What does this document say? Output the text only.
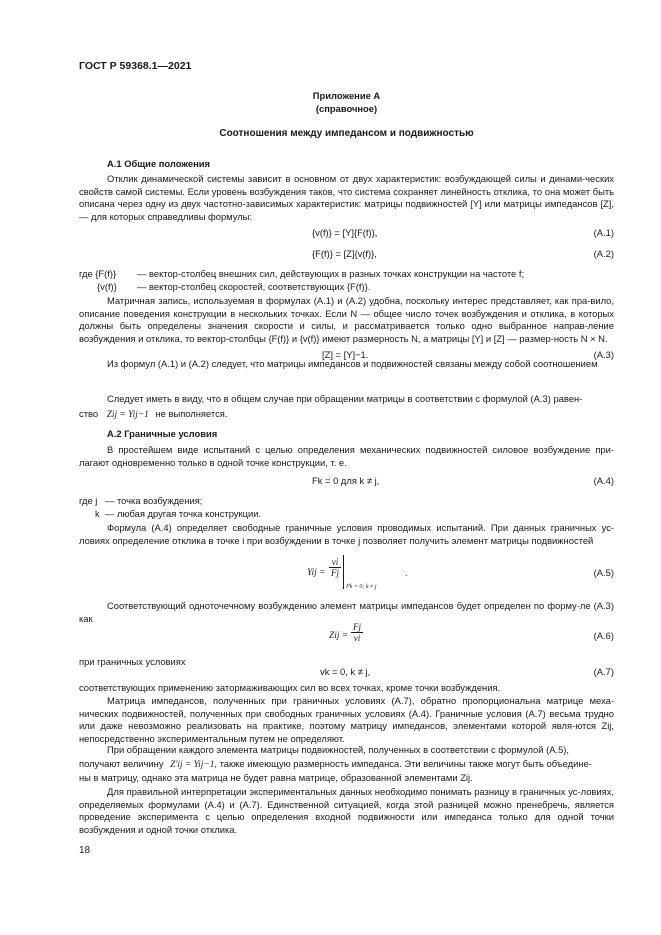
ГОСТ Р 59368.1—2021
Приложение А
(справочное)
Соотношения между импедансом и подвижностью
А.1 Общие положения
Отклик динамической системы зависит в основном от двух характеристик: возбуждающей силы и динами-ческих свойств самой системы. Если уровень возбуждения таков, что система сохраняет линейность отклика, то она может быть описана через одну из двух частотно-зависимых характеристик: матрицы подвижностей [Y] или матрицы импедансов [Z], — для которых справедливы формулы:
{v(f)} = [Y]{F(f)},	(А.1)
{F(f)} = [Z]{v(f)},	(А.2)
где {F(f)} — вектор-столбец внешних сил, действующих в разных точках конструкции на частоте f;
{v(f)} — вектор-столбец скоростей, соответствующих {F(f)}.
Матричная запись, используемая в формулах (А.1) и (А.2) удобна, поскольку интерес представляет, как пра-вило, описание поведения конструкции в нескольких точках. Если N — общее число точек возбуждения и отклика, в которых должны быть определены значения скорости и силы, и рассматривается только одно выбранное направ-ление возбуждения и отклика, то вектор-столбцы {F(f)} и {v(f)} имеют размерность N, а матрицы [Y] и [Z] — размер-ность N × N.
Из формул (А.1) и (А.2) следует, что матрицы импедансов и подвижностей связаны между собой соотношением
[Z] = [Y]−1.	(А.3)
Следует иметь в виду, что в общем случае при обращении матрицы в соответствии с формулой (А.3) равен-
ство Zij = Yij−1 не выполняется.
А.2 Граничные условия
В простейшем виде испытаний с целью определения механических подвижностей силовое возбуждение при-лагают одновременно только в одной точке конструкции, т. е.
Fk = 0 для k ≠ j,	(А.4)
где j — точка возбуждения;
k — любая другая точка конструкции.
Формула (А.4) определяет свободные граничные условия проводимых испытаний. При данных граничных ус-ловиях определение отклика в точке i при возбуждении в точке j позволяет получить элемент матрицы подвижностей
Yij = $\frac{vi}{Fj}$
Fk = 0; k ≠ j
.	(А.5)
Соответствующий одноточечному возбуждению элемент матрицы импедансов будет определен по форму-ле (А.3) как
Zij = $\frac{Fj}{vi}$	(А.6)
при граничных условиях
vk = 0, k ≠ j,	(А.7)
соответствующих применению затормаживающих сил во всех точках, кроме точки возбуждения.
Матрица импедансов, полученных при граничных условиях (А.7), обратно пропорциональна матрице меха-нических подвижностей, полученных при свободных граничных условиях (А.4). Граничные условия (А.7) весьма трудно или даже невозможно реализовать на практике, поэтому матрицу импедансов, элементами которой явля-ются Zij, непосредственно экспериментальным путем не определяют.
При обращении каждого элемента матрицы подвижностей, полученных в соответствии с формулой (А.5),
получают величину Z′ij = Yij−1, также имеющую размерность импеданса. Эти величины также могут быть объедине-
ны в матрицу, однако эта матрица не будет равна матрице, образованной элементами Zij.
Для правильной интерпретации экспериментальных данных необходимо понимать разницу в граничных ус-ловиях, определяемых формулами (А.4) и (А.7). Единственной ситуацией, когда этой разницей можно пренебречь, является проведение эксперимента с целью определения входной подвижности или импеданса только для одной точки возбуждения и одной точки отклика.
18
